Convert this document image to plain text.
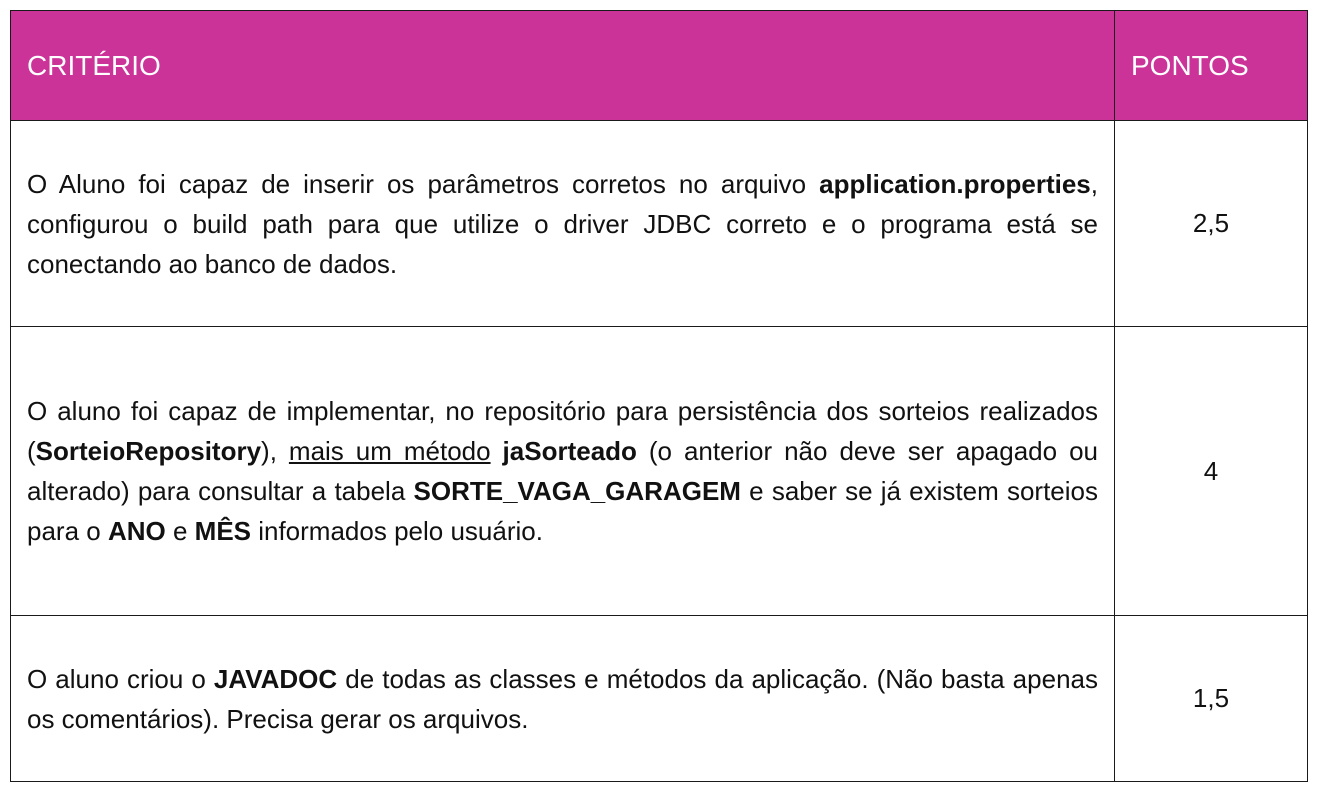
CRITÉRIO	PONTOS
O Aluno foi capaz de inserir os parâmetros corretos no arquivo application.properties, configurou o build path para que utilize o driver JDBC correto e o programa está se conectando ao banco de dados.	2,5
O aluno foi capaz de implementar, no repositório para persistência dos sorteios realizados (SorteioRepository), mais um método jaSorteado (o anterior não deve ser apagado ou alterado) para consultar a tabela SORTE_VAGA_GARAGEM e saber se já existem sorteios para o ANO e MÊS informados pelo usuário.	4
O aluno criou o JAVADOC de todas as classes e métodos da aplicação. (Não basta apenas os comentários). Precisa gerar os arquivos.	1,5
